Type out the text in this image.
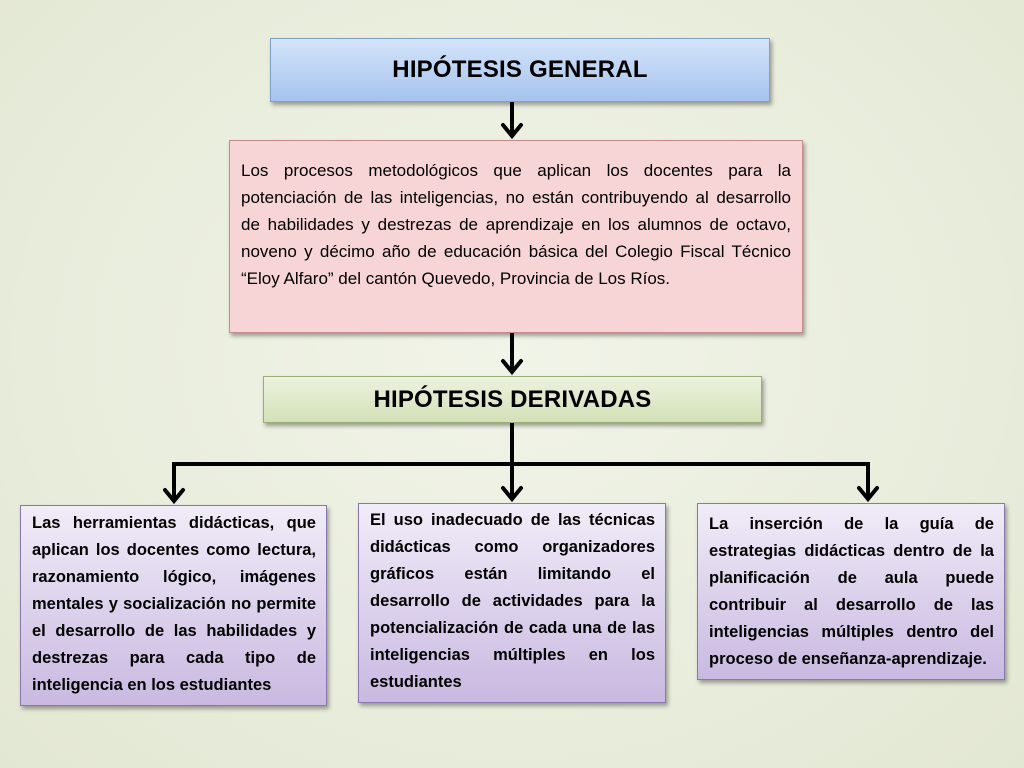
HIPÓTESIS GENERAL
Los procesos metodológicos que aplican los docentes para la potenciación de las inteligencias, no están contribuyendo al desarrollo de habilidades y destrezas de aprendizaje en los alumnos de octavo, noveno y décimo año de educación básica del Colegio Fiscal Técnico “Eloy Alfaro” del cantón Quevedo, Provincia de Los Ríos.
HIPÓTESIS DERIVADAS
Las herramientas didácticas, que aplican los docentes como lectura, razonamiento lógico, imágenes mentales y socialización no permite el desarrollo de las habilidades y destrezas para cada tipo de inteligencia en los estudiantes
El uso inadecuado de las técnicas didácticas como organizadores gráficos están limitando el desarrollo de actividades para la potencialización de cada una de las inteligencias múltiples en los estudiantes
La inserción de la guía de estrategias didácticas dentro de la planificación de aula puede contribuir al desarrollo de las inteligencias múltiples dentro del proceso de enseñanza-aprendizaje.
